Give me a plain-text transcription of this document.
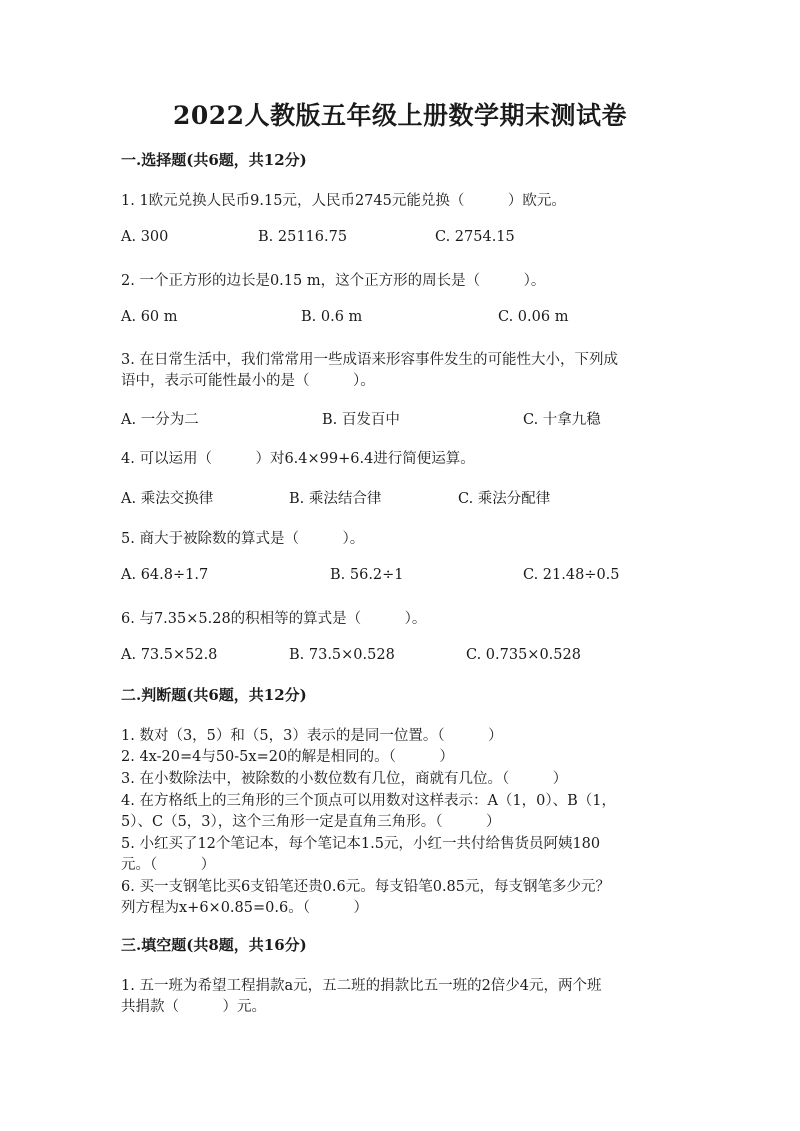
2022人教版五年级上册数学期末测试卷
一.选择题(共6题，共12分)
1. 1欧元兑换人民币9.15元，人民币2745元能兑换（　　　）欧元。
A. 300	B. 25116.75	C. 2754.15
2. 一个正方形的边长是0.15 m，这个正方形的周长是（　　　）。
A. 60 m	B. 0.6 m	C. 0.06 m
3. 在日常生活中，我们常常用一些成语来形容事件发生的可能性大小，下列成
语中，表示可能性最小的是（　　　）。
A. 一分为二	B. 百发百中	C. 十拿九稳
4. 可以运用（　　　）对6.4×99+6.4进行简便运算。
A. 乘法交换律	B. 乘法结合律	C. 乘法分配律
5. 商大于被除数的算式是（　　　）。
A. 64.8÷1.7	B. 56.2÷1	C. 21.48÷0.5
6. 与7.35×5.28的积相等的算式是（　　　）。
A. 73.5×52.8	B. 73.5×0.528	C. 0.735×0.528
二.判断题(共6题，共12分)
1. 数对（3，5）和（5，3）表示的是同一位置。（　　　）
2. 4x-20=4与50-5x=20的解是相同的。（　　　）
3. 在小数除法中，被除数的小数位数有几位，商就有几位。（　　　）
4. 在方格纸上的三角形的三个顶点可以用数对这样表示：A（1，0）、B（1，
5）、C（5，3），这个三角形一定是直角三角形。（　　　）
5. 小红买了12个笔记本，每个笔记本1.5元，小红一共付给售货员阿姨180
元。（　　　）
6. 买一支钢笔比买6支铅笔还贵0.6元。每支铅笔0.85元，每支钢笔多少元？
列方程为x+6×0.85=0.6。（　　　）
三.填空题(共8题，共16分)
1. 五一班为希望工程捐款a元，五二班的捐款比五一班的2倍少4元，两个班
共捐款（　　　）元。
